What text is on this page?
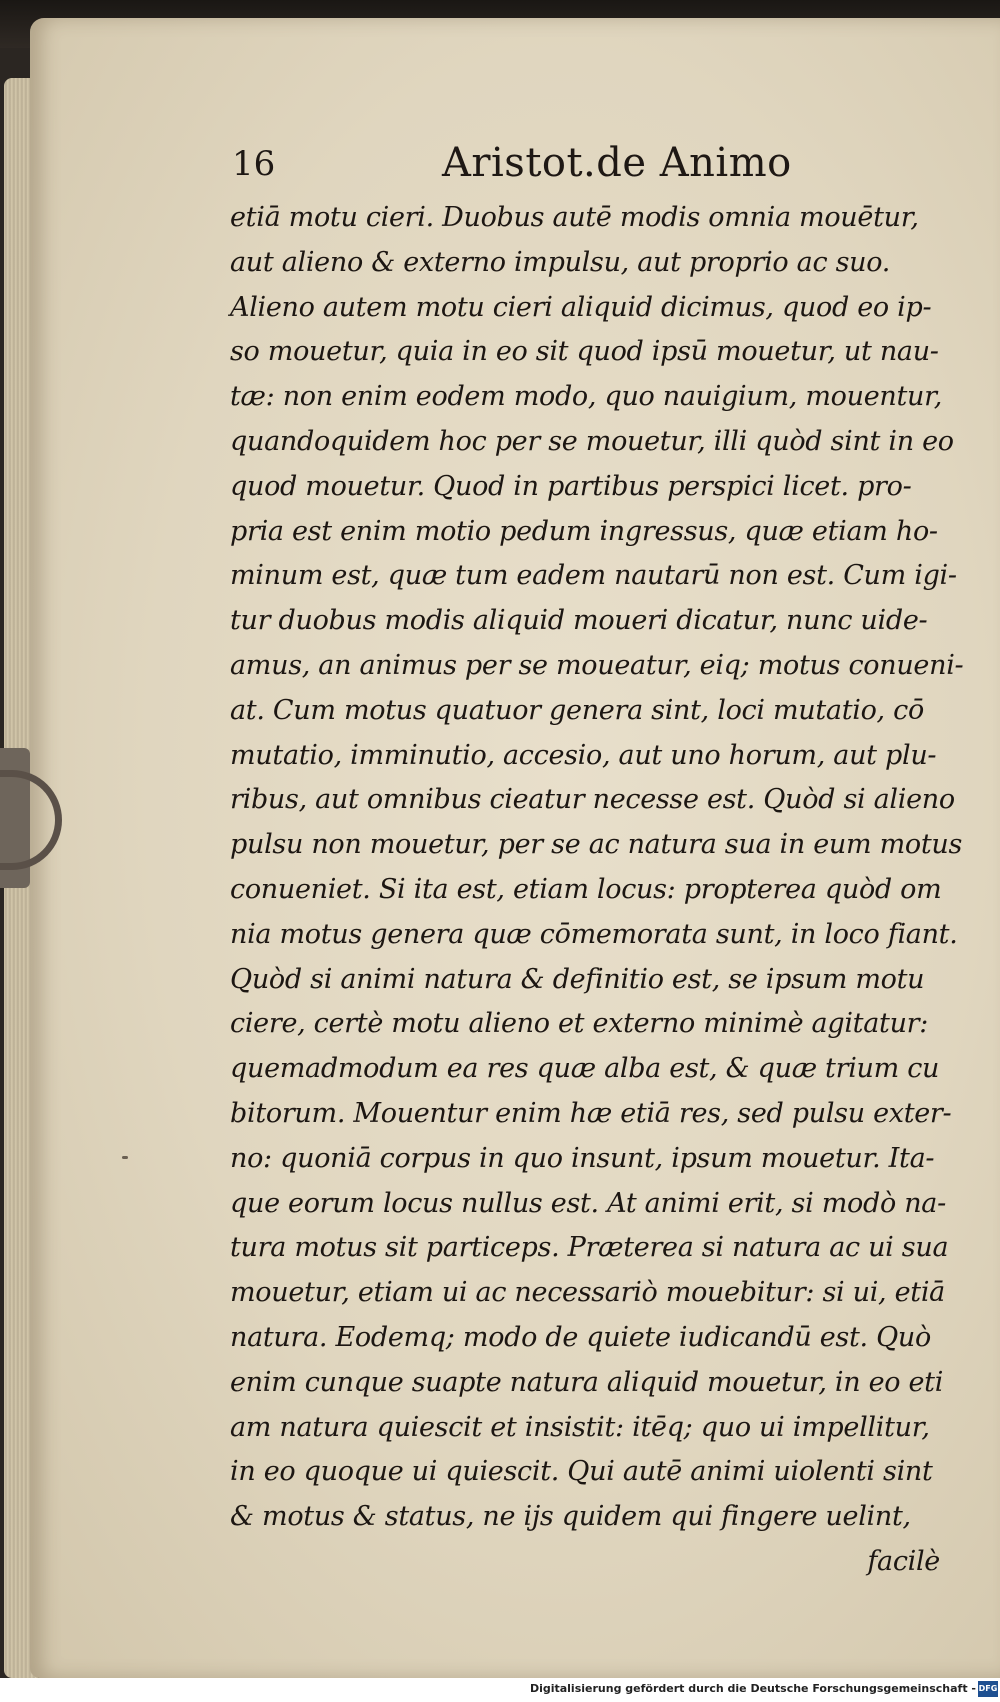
16	Aristot.de Animo
etiā motu cieri. Duobus autē modis omnia mouētur,
aut alieno & externo impulsu, aut proprio ac suo.
Alieno autem motu cieri aliquid dicimus, quod eo ip-
so mouetur, quia in eo sit quod ipsū mouetur, ut nau-
tæ: non enim eodem modo, quo nauigium, mouentur,
quandoquidem hoc per se mouetur, illi quòd sint in eo
quod mouetur. Quod in partibus perspici licet. pro-
pria est enim motio pedum ingressus, quæ etiam ho-
minum est, quæ tum eadem nautarū non est. Cum igi-
tur duobus modis aliquid moueri dicatur, nunc uide-
amus, an animus per se moueatur, eiq; motus conueni-
at. Cum motus quatuor genera sint, loci mutatio, cō
mutatio, imminutio, accesio, aut uno horum, aut plu-
ribus, aut omnibus cieatur necesse est. Quòd si alieno
pulsu non mouetur, per se ac natura sua in eum motus
conueniet. Si ita est, etiam locus: propterea quòd om
nia motus genera quæ cōmemorata sunt, in loco fiant.
Quòd si animi natura & definitio est, se ipsum motu
ciere, certè motu alieno et externo minimè agitatur:
quemadmodum ea res quæ alba est, & quæ trium cu
bitorum. Mouentur enim hæ etiā res, sed pulsu exter-
no: quoniā corpus in quo insunt, ipsum mouetur. Ita-
que eorum locus nullus est. At animi erit, si modò na-
tura motus sit particeps. Præterea si natura ac ui sua
mouetur, etiam ui ac necessariò mouebitur: si ui, etiā
natura. Eodemq; modo de quiete iudicandū est. Quò
enim cunque suapte natura aliquid mouetur, in eo eti
am natura quiescit et insistit: itēq; quo ui impellitur,
in eo quoque ui quiescit. Qui autē animi uiolenti sint
& motus & status, ne ijs quidem qui fingere uelint,
facilè
Digitalisierung gefördert durch die Deutsche Forschungsgemeinschaft - DFG
